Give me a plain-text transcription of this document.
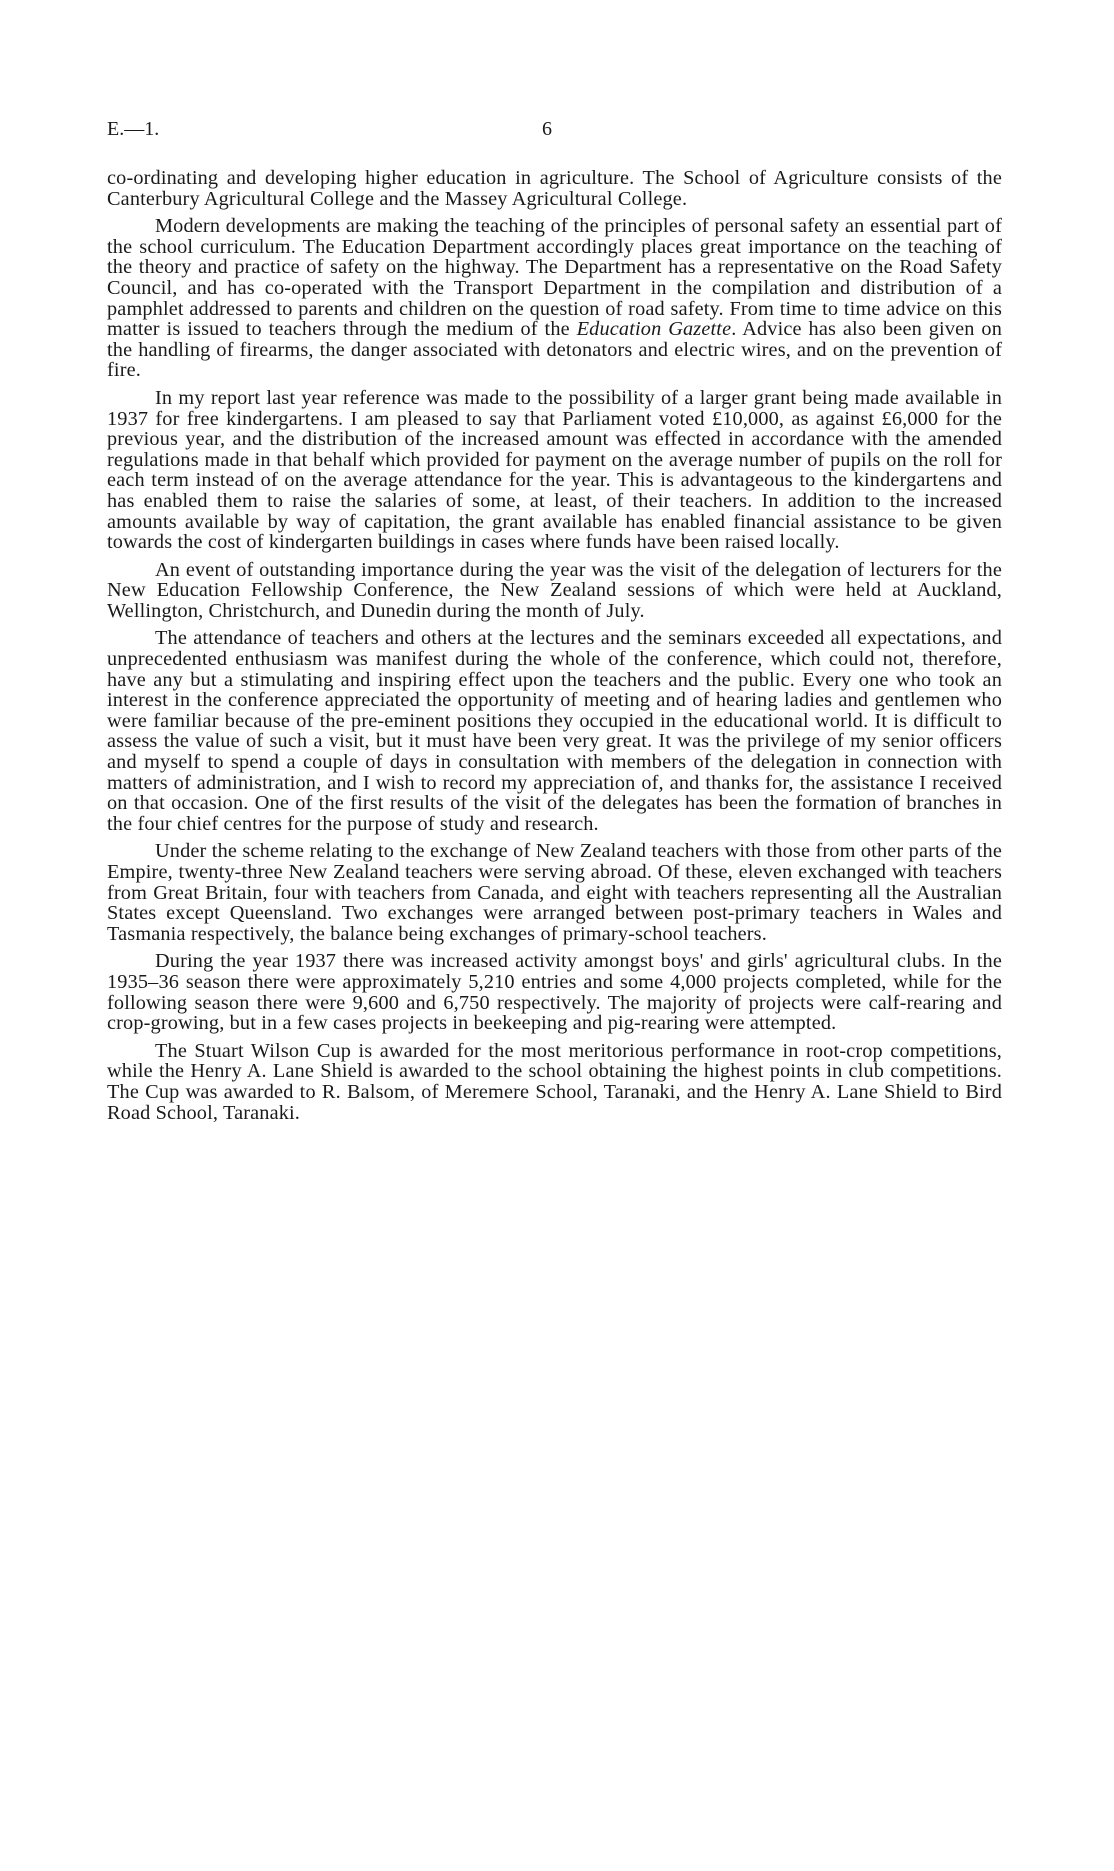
E.—1.	6

co-ordinating and developing higher education in agriculture. The School of Agriculture consists of the Canterbury Agricultural College and the Massey Agricultural College.

Modern developments are making the teaching of the principles of personal safety an essential part of the school curriculum. The Education Department accordingly places great importance on the teaching of the theory and practice of safety on the highway. The Department has a representative on the Road Safety Council, and has co-operated with the Transport Department in the compilation and distribution of a pamphlet addressed to parents and children on the question of road safety. From time to time advice on this matter is issued to teachers through the medium of the Education Gazette. Advice has also been given on the handling of firearms, the danger associated with detonators and electric wires, and on the prevention of fire.

In my report last year reference was made to the possibility of a larger grant being made available in 1937 for free kindergartens. I am pleased to say that Parliament voted £10,000, as against £6,000 for the previous year, and the distribution of the increased amount was effected in accordance with the amended regulations made in that behalf which provided for payment on the average number of pupils on the roll for each term instead of on the average attendance for the year. This is advantageous to the kindergartens and has enabled them to raise the salaries of some, at least, of their teachers. In addition to the increased amounts available by way of capitation, the grant available has enabled financial assistance to be given towards the cost of kindergarten buildings in cases where funds have been raised locally.

An event of outstanding importance during the year was the visit of the delegation of lecturers for the New Education Fellowship Conference, the New Zealand sessions of which were held at Auckland, Wellington, Christchurch, and Dunedin during the month of July.

The attendance of teachers and others at the lectures and the seminars exceeded all expectations, and unprecedented enthusiasm was manifest during the whole of the conference, which could not, therefore, have any but a stimulating and inspiring effect upon the teachers and the public. Every one who took an interest in the conference appreciated the opportunity of meeting and of hearing ladies and gentlemen who were familiar because of the pre-eminent positions they occupied in the educational world. It is difficult to assess the value of such a visit, but it must have been very great. It was the privilege of my senior officers and myself to spend a couple of days in consultation with members of the delegation in connection with matters of administration, and I wish to record my appreciation of, and thanks for, the assistance I received on that occasion. One of the first results of the visit of the delegates has been the formation of branches in the four chief centres for the purpose of study and research.

Under the scheme relating to the exchange of New Zealand teachers with those from other parts of the Empire, twenty-three New Zealand teachers were serving abroad. Of these, eleven exchanged with teachers from Great Britain, four with teachers from Canada, and eight with teachers representing all the Australian States except Queensland. Two exchanges were arranged between post-primary teachers in Wales and Tasmania respectively, the balance being exchanges of primary-school teachers.

During the year 1937 there was increased activity amongst boys' and girls' agricultural clubs. In the 1935–36 season there were approximately 5,210 entries and some 4,000 projects completed, while for the following season there were 9,600 and 6,750 respectively. The majority of projects were calf-rearing and crop-growing, but in a few cases projects in beekeeping and pig-rearing were attempted.

The Stuart Wilson Cup is awarded for the most meritorious performance in root-crop competitions, while the Henry A. Lane Shield is awarded to the school obtaining the highest points in club competitions. The Cup was awarded to R. Balsom, of Meremere School, Taranaki, and the Henry A. Lane Shield to Bird Road School, Taranaki.
